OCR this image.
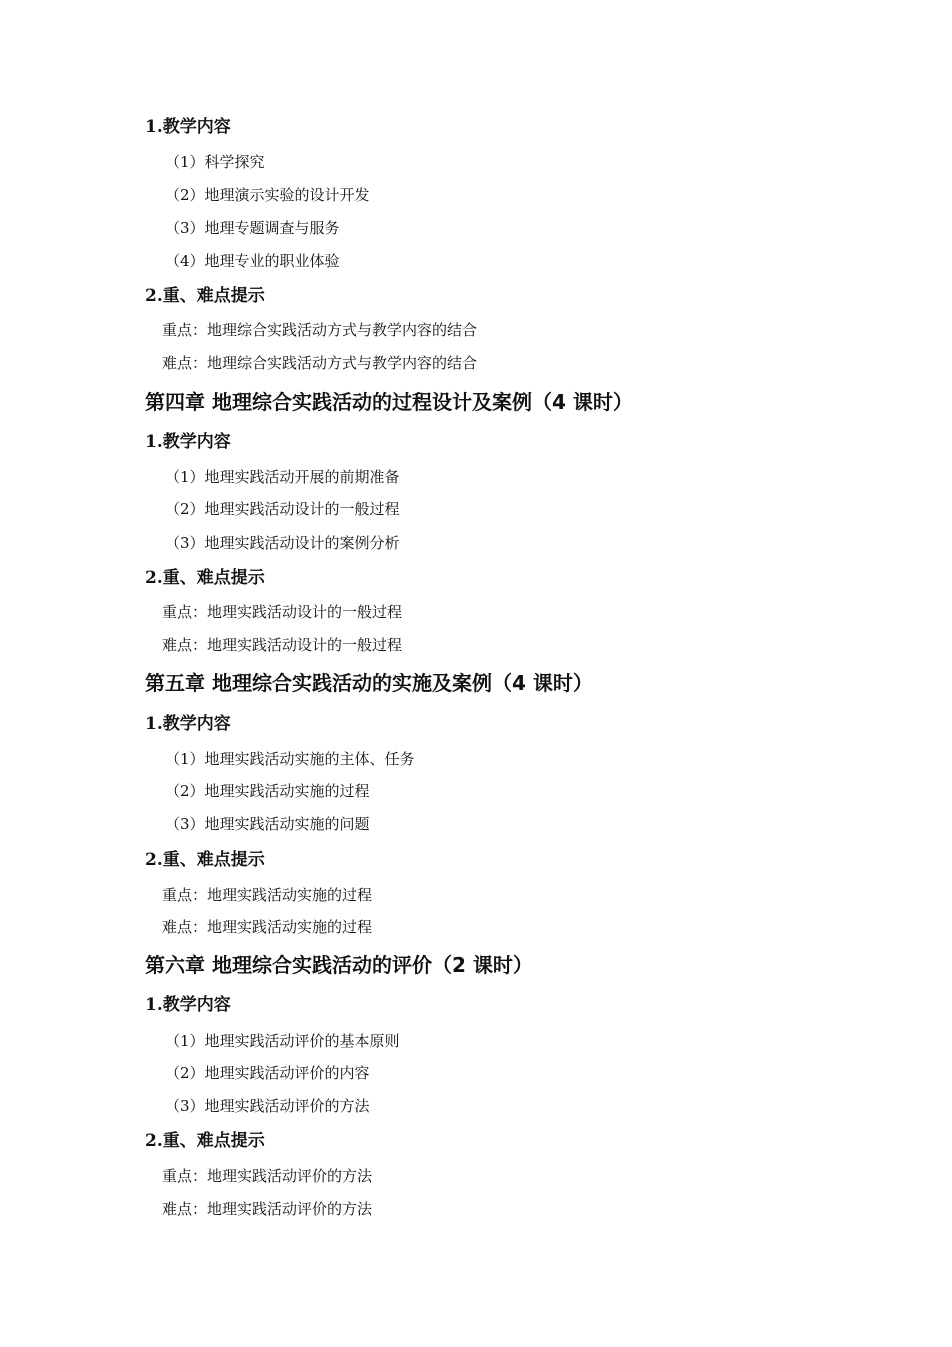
1.教学内容
（1）科学探究
（2）地理演示实验的设计开发
（3）地理专题调查与服务
（4）地理专业的职业体验
2.重、难点提示
重点：地理综合实践活动方式与教学内容的结合
难点：地理综合实践活动方式与教学内容的结合
第四章 地理综合实践活动的过程设计及案例（4 课时）
1.教学内容
（1）地理实践活动开展的前期准备
（2）地理实践活动设计的一般过程
（3）地理实践活动设计的案例分析
2.重、难点提示
重点：地理实践活动设计的一般过程
难点：地理实践活动设计的一般过程
第五章 地理综合实践活动的实施及案例（4 课时）
1.教学内容
（1）地理实践活动实施的主体、任务
（2）地理实践活动实施的过程
（3）地理实践活动实施的问题
2.重、难点提示
重点：地理实践活动实施的过程
难点：地理实践活动实施的过程
第六章 地理综合实践活动的评价（2 课时）
1.教学内容
（1）地理实践活动评价的基本原则
（2）地理实践活动评价的内容
（3）地理实践活动评价的方法
2.重、难点提示
重点：地理实践活动评价的方法
难点：地理实践活动评价的方法
